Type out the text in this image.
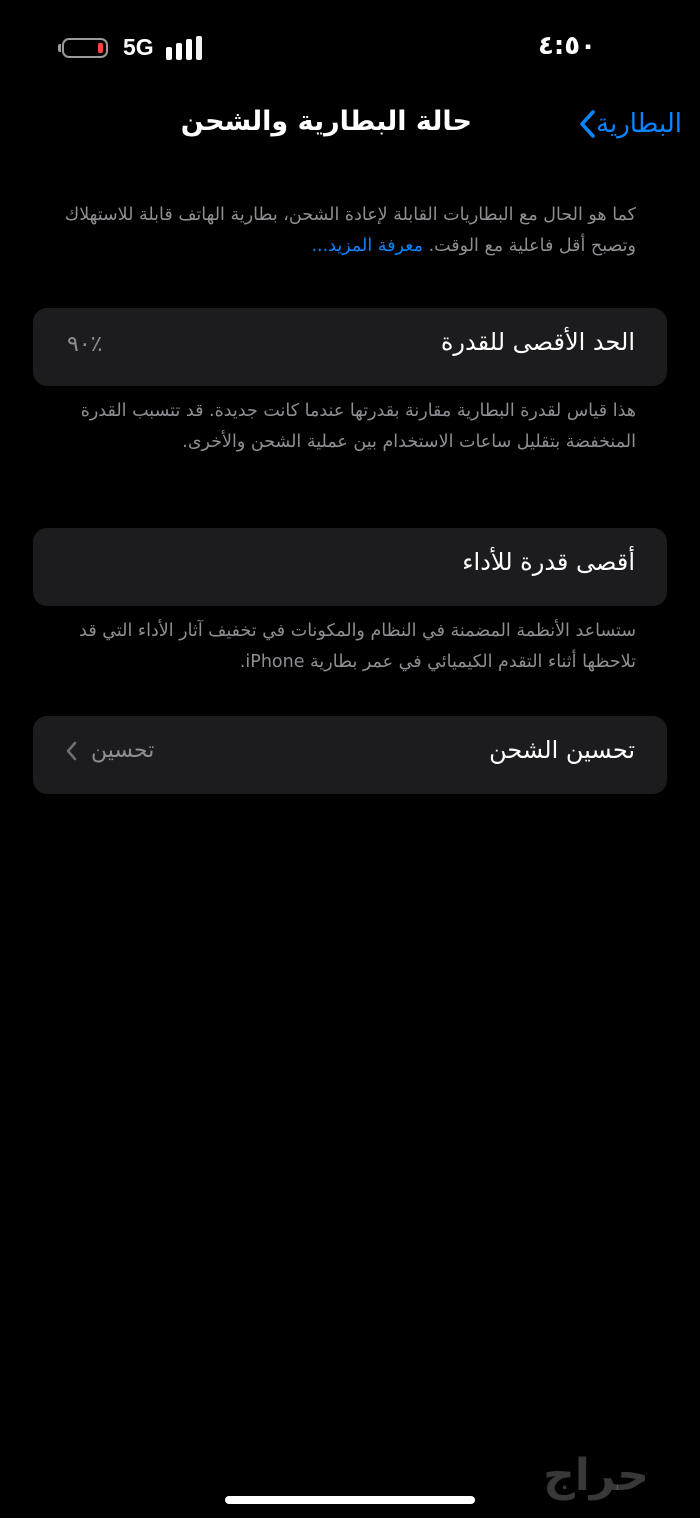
5G	٤:٥٠
البطارية
حالة البطارية والشحن
كما هو الحال مع البطاريات القابلة لإعادة الشحن، بطارية الهاتف قابلة للاستهلاك وتصبح أقل فاعلية مع الوقت. معرفة المزيد...
الحد الأقصى للقدرة
٪٩٠
هذا قياس لقدرة البطارية مقارنة بقدرتها عندما كانت جديدة. قد تتسبب القدرة المنخفضة بتقليل ساعات الاستخدام بين عملية الشحن والأخرى.
أقصى قدرة للأداء
ستساعد الأنظمة المضمنة في النظام والمكونات في تخفيف آثار الأداء التي قد تلاحظها أثناء التقدم الكيميائي في عمر بطارية iPhone.
تحسين الشحن
تحسين
حراج
